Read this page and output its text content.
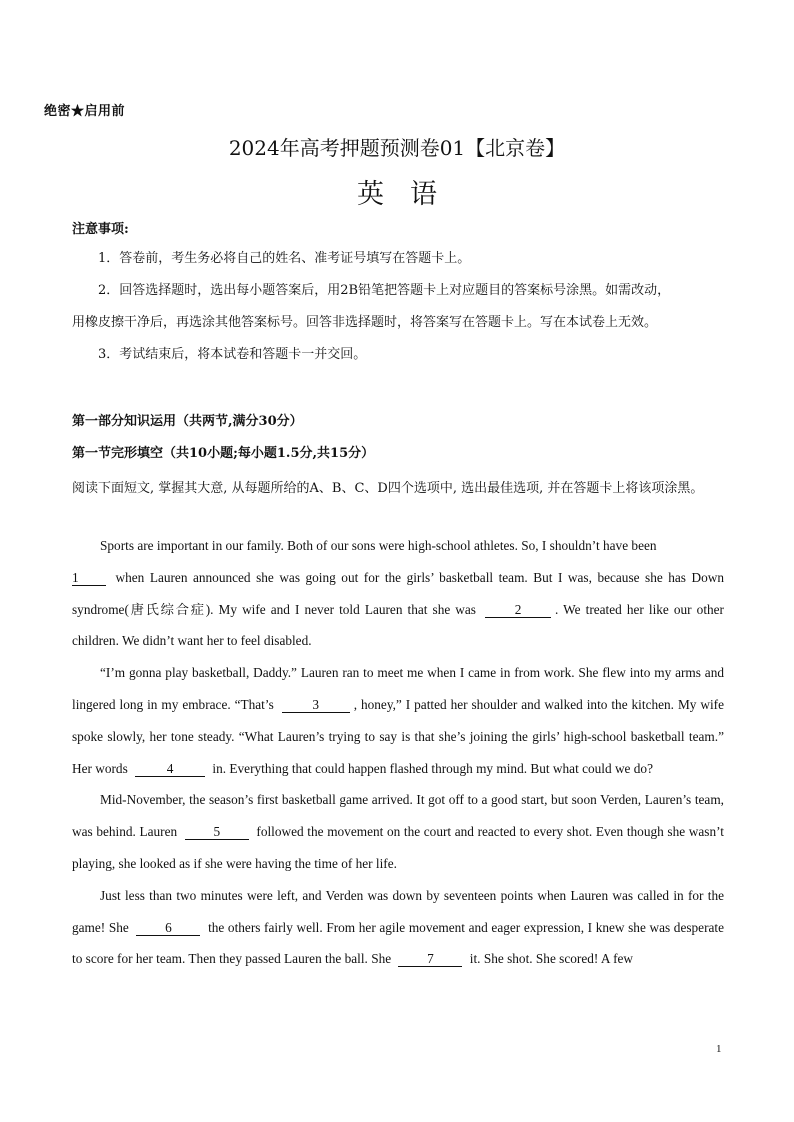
绝密★启用前
2024年高考押题预测卷01【北京卷】
英语
注意事项:
1．答卷前，考生务必将自己的姓名、准考证号填写在答题卡上。
2．回答选择题时，选出每小题答案后，用2B铅笔把答题卡上对应题目的答案标号涂黑。如需改动，
用橡皮擦干净后，再选涂其他答案标号。回答非选择题时，将答案写在答题卡上。写在本试卷上无效。
3．考试结束后，将本试卷和答题卡一并交回。
第一部分知识运用（共两节,满分30分）
第一节完形填空（共10小题;每小题1.5分,共15分）
阅读下面短文, 掌握其大意, 从每题所给的A、B、C、D四个选项中, 选出最佳选项, 并在答题卡上将该项涂黑。

Sports are important in our family. Both of our sons were high-school athletes. So, I shouldn’t have been
1 when Lauren announced she was going out for the girls’ basketball team. But I was, because she has Down syndrome(唐氏综合症). My wife and I never told Lauren that she was	2	. We treated her like our other children. We didn’t want her to feel disabled.

“I’m gonna play basketball, Daddy.” Lauren ran to meet me when I came in from work. She flew into my arms and lingered long in my embrace. “That’s	3	, honey,” I patted her shoulder and walked into the kitchen. My wife spoke slowly, her tone steady. “What Lauren’s trying to say is that she’s joining the girls’ high-school basketball team.” Her words	4	in. Everything that could happen flashed through my mind. But what could we do?

Mid-November, the season’s first basketball game arrived. It got off to a good start, but soon Verden, Lauren’s team, was behind. Lauren 5 followed the movement on the court and reacted to every shot. Even though she wasn’t playing, she looked as if she were having the time of her life.

Just less than two minutes were left, and Verden was down by seventeen points when Lauren was called in for the game! She 6 the others fairly well. From her agile movement and eager expression, I knew she was desperate to score for her team. Then they passed Lauren the ball. She 7 it. She shot. She scored! A few

1
